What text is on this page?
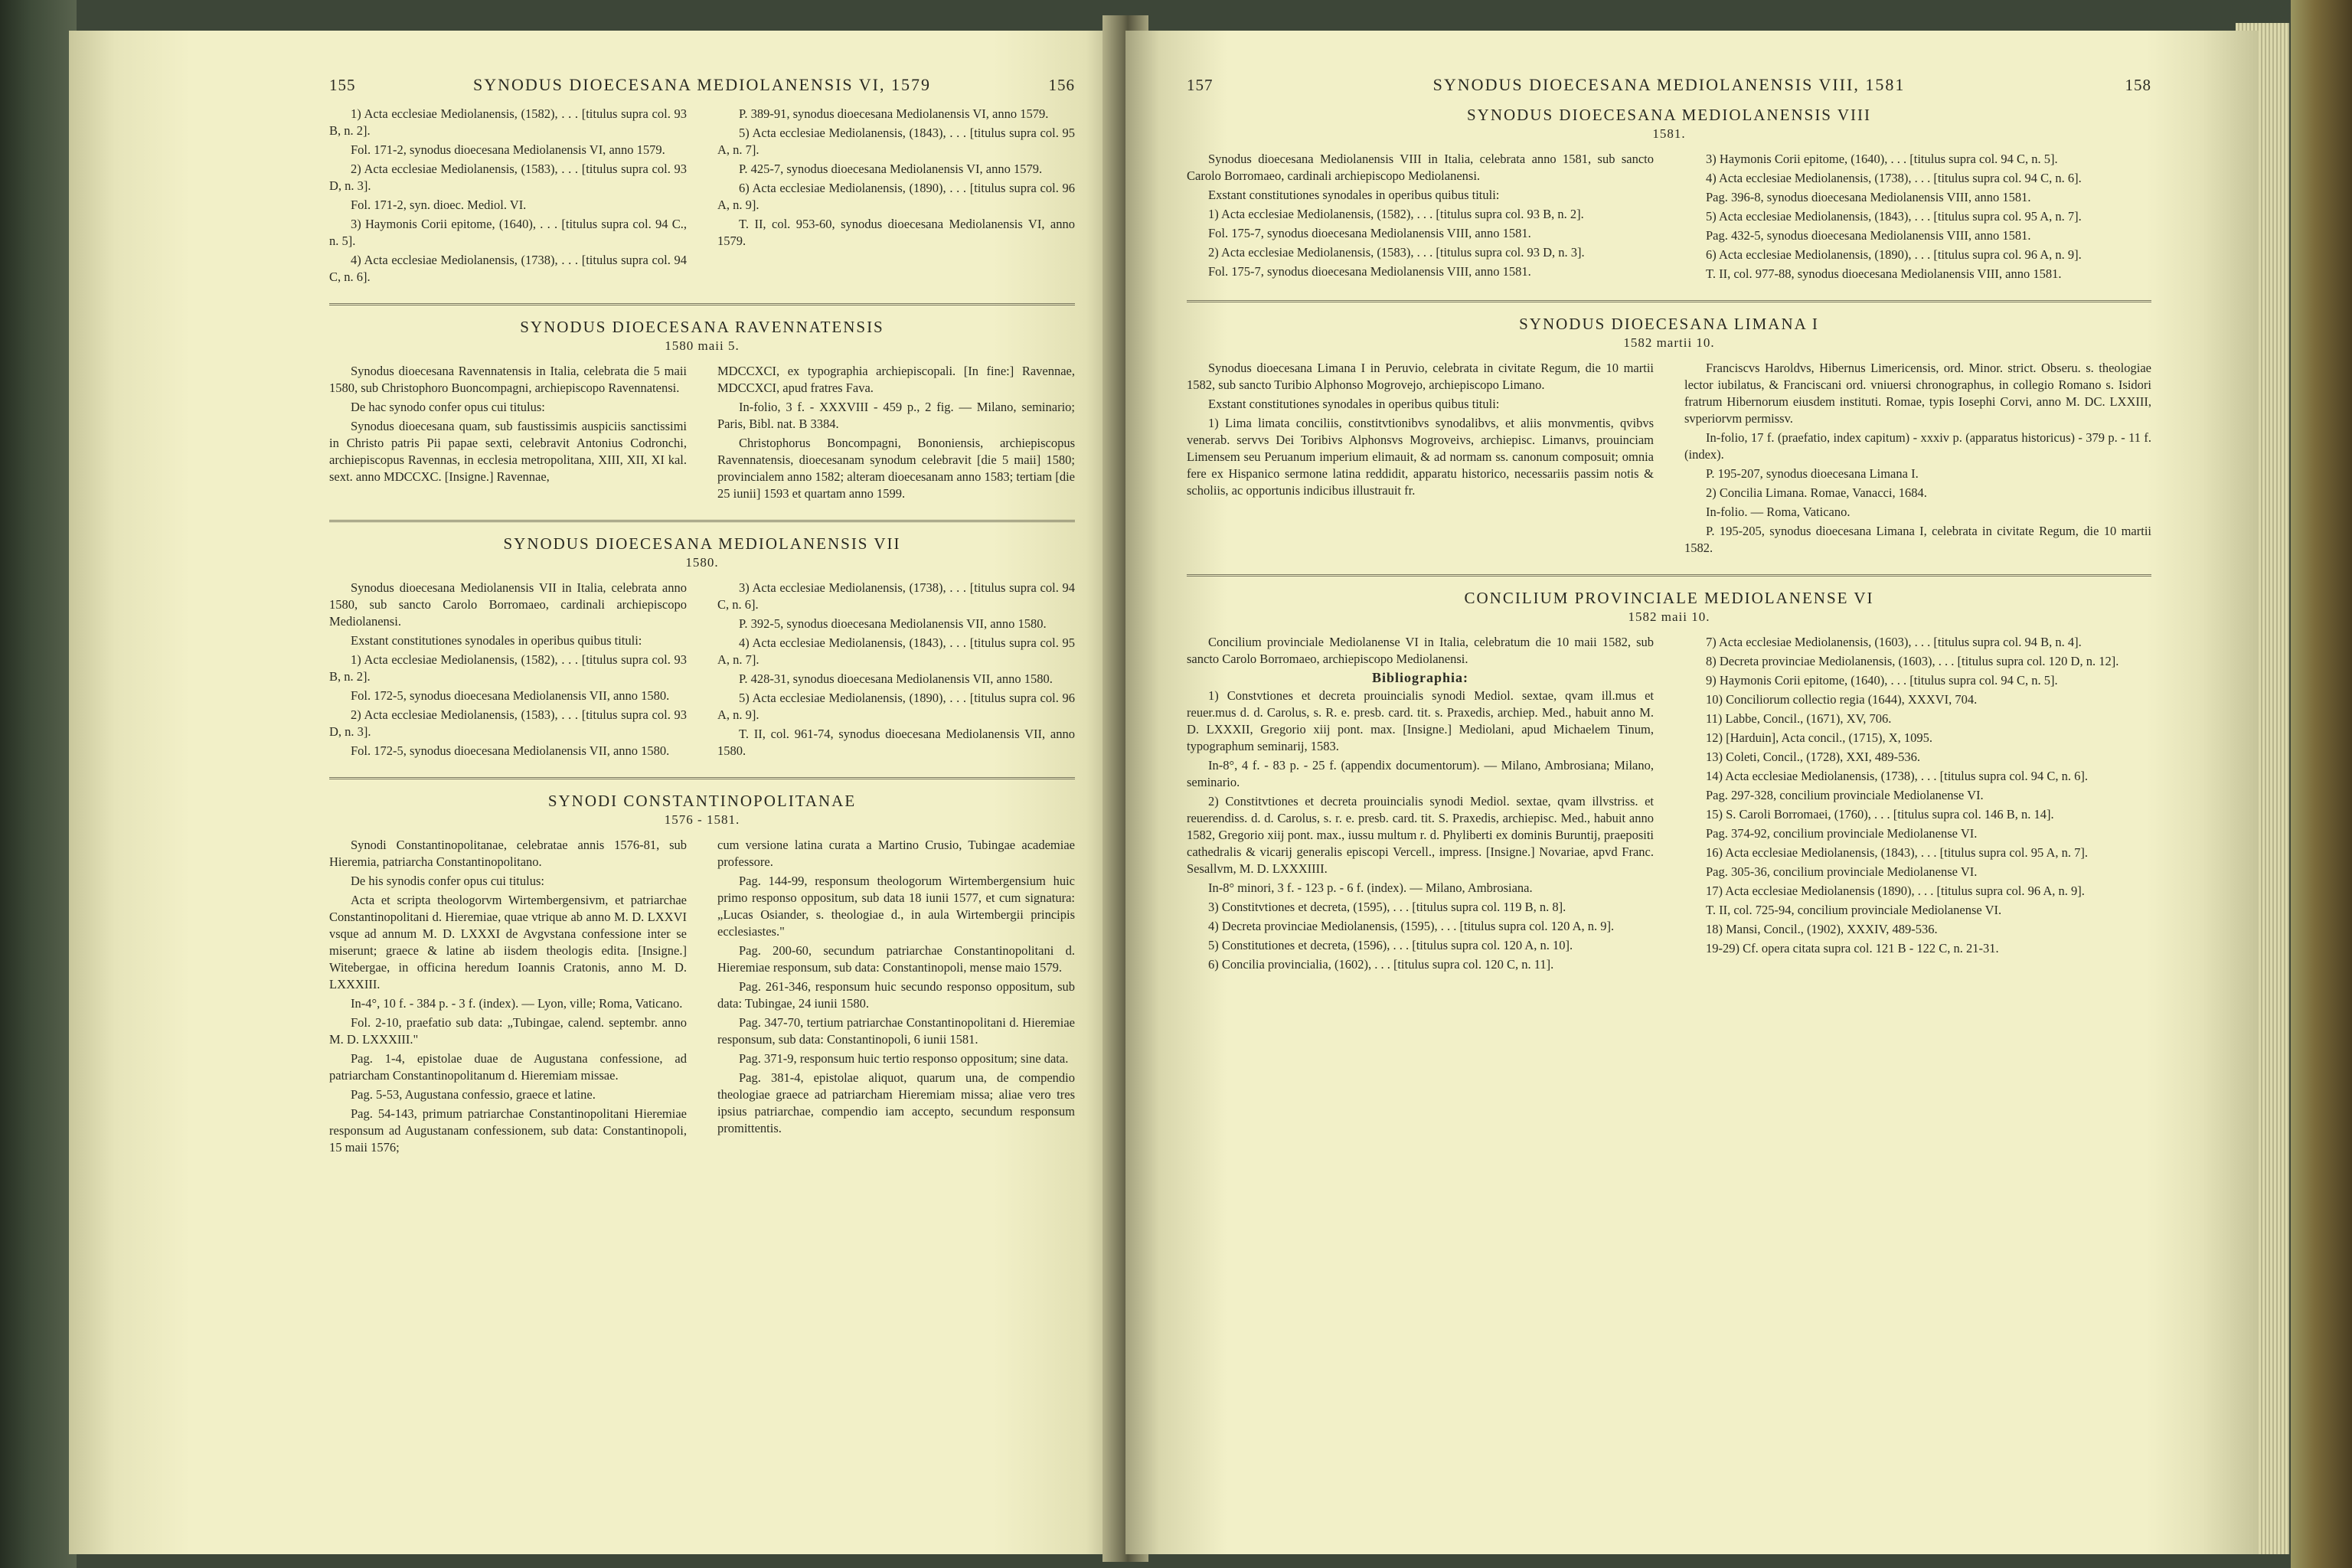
155	SYNODUS DIOECESANA MEDIOLANENSIS VI, 1579	156

1) Acta ecclesiae Mediolanensis, (1582), . . . [titulus supra col. 93 B, n. 2].

Fol. 171-2, synodus dioecesana Mediolanensis VI, anno 1579.

2) Acta ecclesiae Mediolanensis, (1583), . . . [titulus supra col. 93 D, n. 3].

Fol. 171-2, syn. dioec. Mediol. VI.

3) Haymonis Corii epitome, (1640), . . . [titulus supra col. 94 C., n. 5].

4) Acta ecclesiae Mediolanensis, (1738), . . . [titulus supra col. 94 C, n. 6].

P. 389-91, synodus dioecesana Mediolanensis VI, anno 1579.

5) Acta ecclesiae Mediolanensis, (1843), . . . [titulus supra col. 95 A, n. 7].

P. 425-7, synodus dioecesana Mediolanensis VI, anno 1579.

6) Acta ecclesiae Mediolanensis, (1890), . . . [titulus supra col. 96 A, n. 9].

T. II, col. 953-60, synodus dioecesana Mediolanensis VI, anno 1579.

SYNODUS DIOECESANA RAVENNATENSIS
1580 maii 5.

Synodus dioecesana Ravennatensis in Italia, celebrata die 5 maii 1580, sub Christophoro Buoncompagni, archiepiscopo Ravennatensi.

De hac synodo confer opus cui titulus:

Synodus dioecesana quam, sub faustissimis auspiciis sanctissimi in Christo patris Pii papae sexti, celebravit Antonius Codronchi, archiepiscopus Ravennas, in ecclesia metropolitana, XIII, XII, XI kal. sext. anno MDCCXC. [Insigne.] Ravennae,

MDCCXCI, ex typographia archiepiscopali. [In fine:] Ravennae, MDCCXCI, apud fratres Fava.

In-folio, 3 f. - XXXVIII - 459 p., 2 fig. — Milano, seminario; Paris, Bibl. nat. B 3384.

Christophorus Boncompagni, Bononiensis, archiepiscopus Ravennatensis, dioecesanam synodum celebravit [die 5 maii] 1580; provincialem anno 1582; alteram dioecesanam anno 1583; tertiam [die 25 iunii] 1593 et quartam anno 1599.

SYNODUS DIOECESANA MEDIOLANENSIS VII
1580.

Synodus dioecesana Mediolanensis VII in Italia, celebrata anno 1580, sub sancto Carolo Borromaeo, cardinali archiepiscopo Mediolanensi.

Exstant constitutiones synodales in operibus quibus tituli:

1) Acta ecclesiae Mediolanensis, (1582), . . . [titulus supra col. 93 B, n. 2].

Fol. 172-5, synodus dioecesana Mediolanensis VII, anno 1580.

2) Acta ecclesiae Mediolanensis, (1583), . . . [titulus supra col. 93 D, n. 3].

Fol. 172-5, synodus dioecesana Mediolanensis VII, anno 1580.

3) Acta ecclesiae Mediolanensis, (1738), . . . [titulus supra col. 94 C, n. 6].

P. 392-5, synodus dioecesana Mediolanensis VII, anno 1580.

4) Acta ecclesiae Mediolanensis, (1843), . . . [titulus supra col. 95 A, n. 7].

P. 428-31, synodus dioecesana Mediolanensis VII, anno 1580.

5) Acta ecclesiae Mediolanensis, (1890), . . . [titulus supra col. 96 A, n. 9].

T. II, col. 961-74, synodus dioecesana Mediolanensis VII, anno 1580.

SYNODI CONSTANTINOPOLITANAE
1576 - 1581.

Synodi Constantinopolitanae, celebratae annis 1576-81, sub Hieremia, patriarcha Constantinopolitano.

De his synodis confer opus cui titulus:

Acta et scripta theologorvm Wirtembergensivm, et patriarchae Constantinopolitani d. Hieremiae, quae vtrique ab anno M. D. LXXVI vsque ad annum M. D. LXXXI de Avgvstana confessione inter se miserunt; graece & latine ab iisdem theologis edita. [Insigne.] Witebergae, in officina heredum Ioannis Cratonis, anno M. D. LXXXIII.

In-4°, 10 f. - 384 p. - 3 f. (index). — Lyon, ville; Roma, Vaticano.

Fol. 2-10, praefatio sub data: „Tubingae, calend. septembr. anno M. D. LXXXIII."

Pag. 1-4, epistolae duae de Augustana confessione, ad patriarcham Constantinopolitanum d. Hieremiam missae.

Pag. 5-53, Augustana confessio, graece et latine.

Pag. 54-143, primum patriarchae Constantinopolitani Hieremiae responsum ad Augustanam confessionem, sub data: Constantinopoli, 15 maii 1576;

cum versione latina curata a Martino Crusio, Tubingae academiae professore.

Pag. 144-99, responsum theologorum Wirtembergensium huic primo responso oppositum, sub data 18 iunii 1577, et cum signatura: „Lucas Osiander, s. theologiae d., in aula Wirtembergii principis ecclesiastes."

Pag. 200-60, secundum patriarchae Constantinopolitani d. Hieremiae responsum, sub data: Constantinopoli, mense maio 1579.

Pag. 261-346, responsum huic secundo responso oppositum, sub data: Tubingae, 24 iunii 1580.

Pag. 347-70, tertium patriarchae Constantinopolitani d. Hieremiae responsum, sub data: Constantinopoli, 6 iunii 1581.

Pag. 371-9, responsum huic tertio responso oppositum; sine data.

Pag. 381-4, epistolae aliquot, quarum una, de compendio theologiae graece ad patriarcham Hieremiam missa; aliae vero tres ipsius patriarchae, compendio iam accepto, secundum responsum promittentis.

157	SYNODUS DIOECESANA MEDIOLANENSIS VIII, 1581	158
SYNODUS DIOECESANA MEDIOLANENSIS VIII
1581.

Synodus dioecesana Mediolanensis VIII in Italia, celebrata anno 1581, sub sancto Carolo Borromaeo, cardinali archiepiscopo Mediolanensi.

Exstant constitutiones synodales in operibus quibus tituli:

1) Acta ecclesiae Mediolanensis, (1582), . . . [titulus supra col. 93 B, n. 2].

Fol. 175-7, synodus dioecesana Mediolanensis VIII, anno 1581.

2) Acta ecclesiae Mediolanensis, (1583), . . . [titulus supra col. 93 D, n. 3].

Fol. 175-7, synodus dioecesana Mediolanensis VIII, anno 1581.

3) Haymonis Corii epitome, (1640), . . . [titulus supra col. 94 C, n. 5].

4) Acta ecclesiae Mediolanensis, (1738), . . . [titulus supra col. 94 C, n. 6].

Pag. 396-8, synodus dioecesana Mediolanensis VIII, anno 1581.

5) Acta ecclesiae Mediolanensis, (1843), . . . [titulus supra col. 95 A, n. 7].

Pag. 432-5, synodus dioecesana Mediolanensis VIII, anno 1581.

6) Acta ecclesiae Mediolanensis, (1890), . . . [titulus supra col. 96 A, n. 9].

T. II, col. 977-88, synodus dioecesana Mediolanensis VIII, anno 1581.

SYNODUS DIOECESANA LIMANA I
1582 martii 10.

Synodus dioecesana Limana I in Peruvio, celebrata in civitate Regum, die 10 martii 1582, sub sancto Turibio Alphonso Mogrovejo, archiepiscopo Limano.

Exstant constitutiones synodales in operibus quibus tituli:

1) Lima limata conciliis, constitvtionibvs synodalibvs, et aliis monvmentis, qvibvs venerab. servvs Dei Toribivs Alphonsvs Mogroveivs, archiepisc. Limanvs, prouinciam Limensem seu Peruanum imperium elimauit, & ad normam ss. canonum composuit; omnia fere ex Hispanico sermone latina reddidit, apparatu historico, necessariis passim notis & scholiis, ac opportunis indicibus illustrauit fr.

Franciscvs Haroldvs, Hibernus Limericensis, ord. Minor. strict. Obseru. s. theologiae lector iubilatus, & Franciscani ord. vniuersi chronographus, in collegio Romano s. Isidori fratrum Hibernorum eiusdem instituti. Romae, typis Iosephi Corvi, anno M. DC. LXXIII, svperiorvm permissv.

In-folio, 17 f. (praefatio, index capitum) - xxxiv p. (apparatus historicus) - 379 p. - 11 f. (index).

P. 195-207, synodus dioecesana Limana I.

2) Concilia Limana. Romae, Vanacci, 1684.

In-folio. — Roma, Vaticano.

P. 195-205, synodus dioecesana Limana I, celebrata in civitate Regum, die 10 martii 1582.

CONCILIUM PROVINCIALE MEDIOLANENSE VI
1582 maii 10.

Concilium provinciale Mediolanense VI in Italia, celebratum die 10 maii 1582, sub sancto Carolo Borromaeo, archiepiscopo Mediolanensi.

Bibliographia:

1) Constvtiones et decreta prouincialis synodi Mediol. sextae, qvam ill.mus et reuer.mus d. d. Carolus, s. R. e. presb. card. tit. s. Praxedis, archiep. Med., habuit anno M. D. LXXXII, Gregorio xiij pont. max. [Insigne.] Mediolani, apud Michaelem Tinum, typographum seminarij, 1583.

In-8°, 4 f. - 83 p. - 25 f. (appendix documentorum). — Milano, Ambrosiana; Milano, seminario.

2) Constitvtiones et decreta prouincialis synodi Mediol. sextae, qvam illvstriss. et reuerendiss. d. d. Carolus, s. r. e. presb. card. tit. S. Praxedis, archiepisc. Med., habuit anno 1582, Gregorio xiij pont. max., iussu multum r. d. Phyliberti ex dominis Buruntij, praepositi cathedralis & vicarij generalis episcopi Vercell., impress. [Insigne.] Novariae, apvd Franc. Sesallvm, M. D. LXXXIIII.

In-8° minori, 3 f. - 123 p. - 6 f. (index). — Milano, Ambrosiana.

3) Constitvtiones et decreta, (1595), . . . [titulus supra col. 119 B, n. 8].

4) Decreta provinciae Mediolanensis, (1595), . . . [titulus supra col. 120 A, n. 9].

5) Constitutiones et decreta, (1596), . . . [titulus supra col. 120 A, n. 10].

6) Concilia provincialia, (1602), . . . [titulus supra col. 120 C, n. 11].

7) Acta ecclesiae Mediolanensis, (1603), . . . [titulus supra col. 94 B, n. 4].

8) Decreta provinciae Mediolanensis, (1603), . . . [titulus supra col. 120 D, n. 12].

9) Haymonis Corii epitome, (1640), . . . [titulus supra col. 94 C, n. 5].

10) Conciliorum collectio regia (1644), XXXVI, 704.

11) Labbe, Concil., (1671), XV, 706.

12) [Harduin], Acta concil., (1715), X, 1095.

13) Coleti, Concil., (1728), XXI, 489-536.

14) Acta ecclesiae Mediolanensis, (1738), . . . [titulus supra col. 94 C, n. 6].

Pag. 297-328, concilium provinciale Mediolanense VI.

15) S. Caroli Borromaei, (1760), . . . [titulus supra col. 146 B, n. 14].

Pag. 374-92, concilium provinciale Mediolanense VI.

16) Acta ecclesiae Mediolanensis, (1843), . . . [titulus supra col. 95 A, n. 7].

Pag. 305-36, concilium provinciale Mediolanense VI.

17) Acta ecclesiae Mediolanensis (1890), . . . [titulus supra col. 96 A, n. 9].

T. II, col. 725-94, concilium provinciale Mediolanense VI.

18) Mansi, Concil., (1902), XXXIV, 489-536.

19-29) Cf. opera citata supra col. 121 B - 122 C, n. 21-31.
